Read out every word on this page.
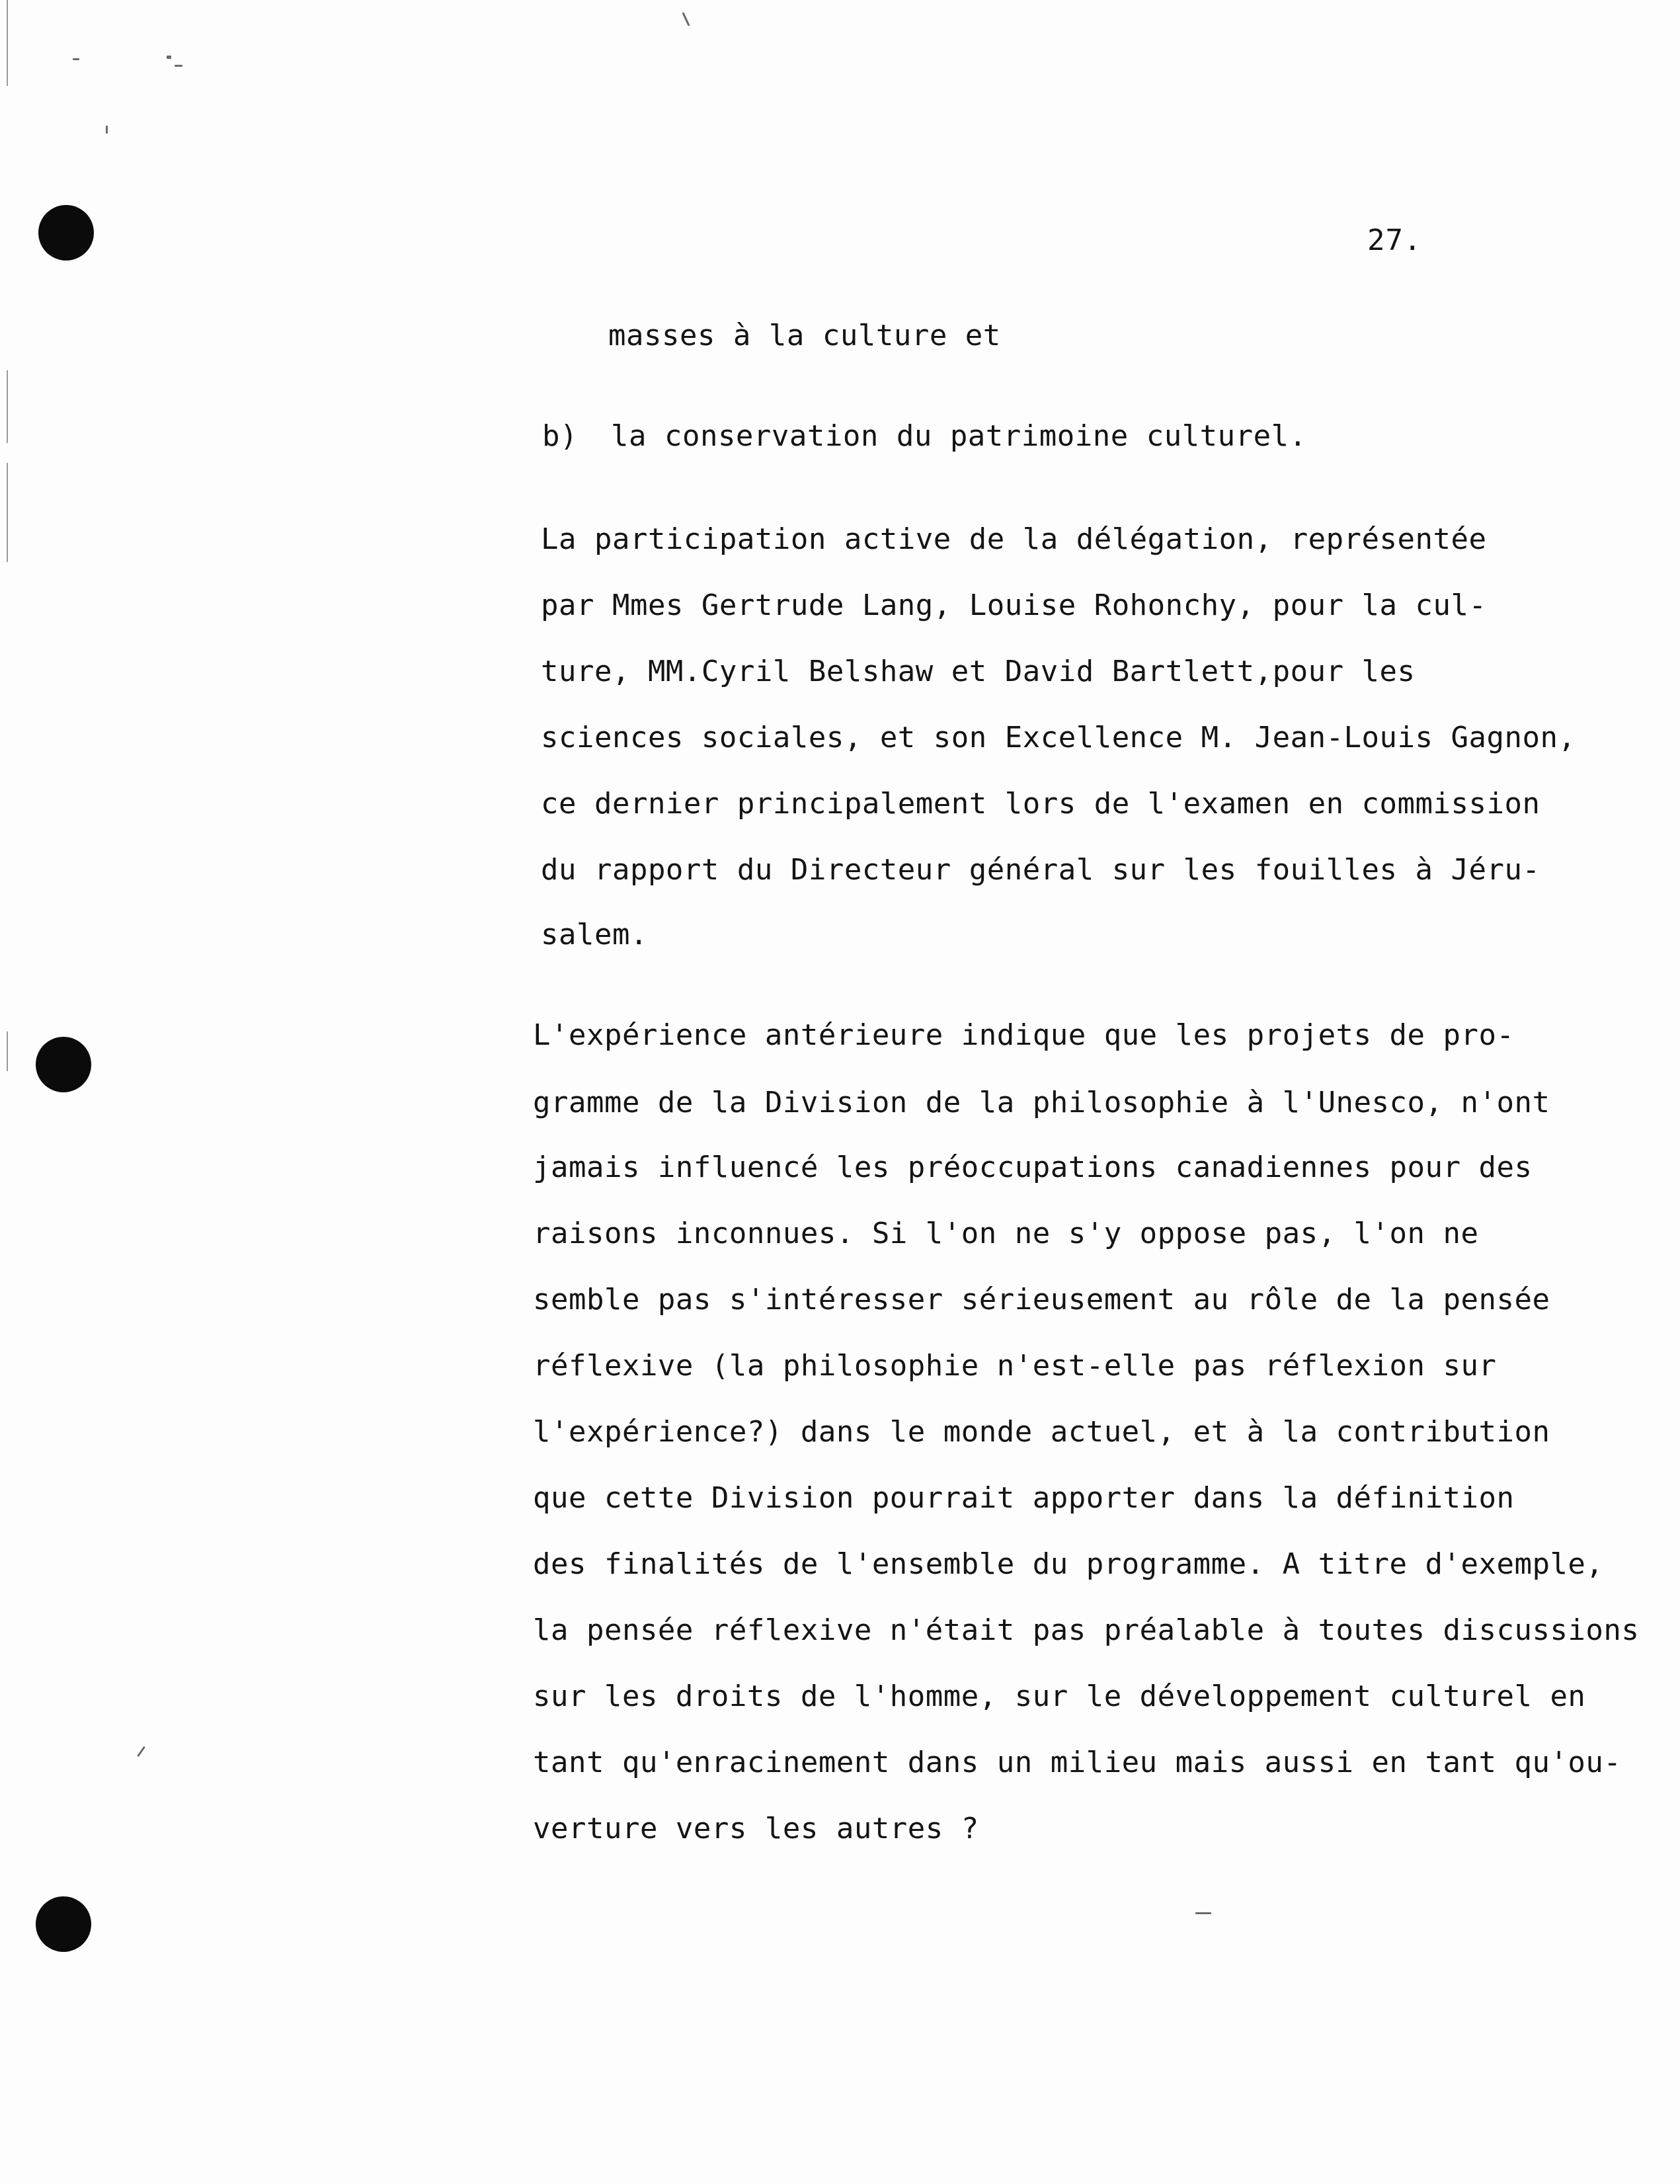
27.
masses à la culture et
b) la conservation du patrimoine culturel.
La participation active de la délégation, représentée
par Mmes Gertrude Lang, Louise Rohonchy, pour la cul-
ture, MM.Cyril Belshaw et David Bartlett,pour les
sciences sociales, et son Excellence M. Jean-Louis Gagnon,
ce dernier principalement lors de l'examen en commission
du rapport du Directeur général sur les fouilles à Jéru-
salem.
L'expérience antérieure indique que les projets de pro-
gramme de la Division de la philosophie à l'Unesco, n'ont
jamais influencé les préoccupations canadiennes pour des
raisons inconnues. Si l'on ne s'y oppose pas, l'on ne
semble pas s'intéresser sérieusement au rôle de la pensée
réflexive (la philosophie n'est-elle pas réflexion sur
l'expérience?) dans le monde actuel, et à la contribution
que cette Division pourrait apporter dans la définition
des finalités de l'ensemble du programme. A titre d'exemple,
la pensée réflexive n'était pas préalable à toutes discussions
sur les droits de l'homme, sur le développement culturel en
tant qu'enracinement dans un milieu mais aussi en tant qu'ou-
verture vers les autres ?
